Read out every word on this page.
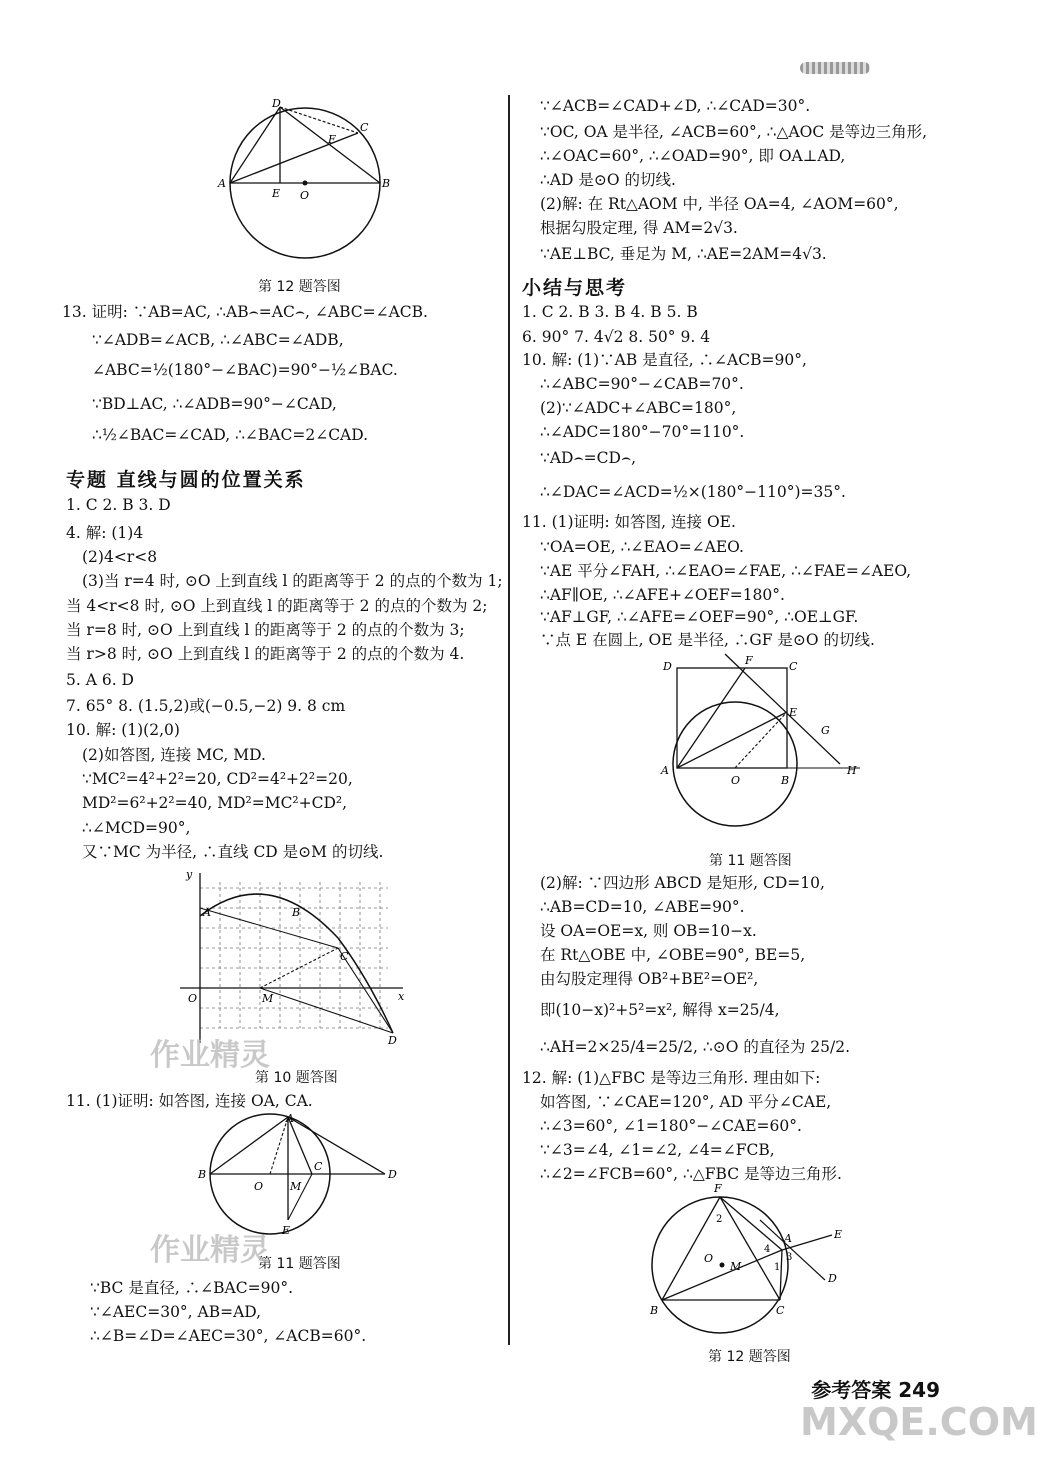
D
C
F
A	B
E O
第 12 题答图
13. 证明: ∵AB=AC, ∴AB⌢=AC⌢, ∠ABC=∠ACB.
∵∠ADB=∠ACB, ∴∠ABC=∠ADB,
∠ABC=½(180°−∠BAC)=90°−½∠BAC.
∵BD⊥AC, ∴∠ADB=90°−∠CAD,
∴½∠BAC=∠CAD, ∴∠BAC=2∠CAD.
专题 直线与圆的位置关系
1. C 2. B 3. D
4. 解: (1)4
(2)4<r<8
(3)当 r=4 时, ⊙O 上到直线 l 的距离等于 2 的点的个数为 1;
当 4<r<8 时, ⊙O 上到直线 l 的距离等于 2 的点的个数为 2;
当 r=8 时, ⊙O 上到直线 l 的距离等于 2 的点的个数为 3;
当 r>8 时, ⊙O 上到直线 l 的距离等于 2 的点的个数为 4.
5. A 6. D
7. 65° 8. (1.5,2)或(−0.5,−2) 9. 8 cm
10. 解: (1)(2,0)
(2)如答图, 连接 MC, MD.
∵MC²=4²+2²=20, CD²=4²+2²=20,
MD²=6²+2²=40, MD²=MC²+CD²,
∴∠MCD=90°,
又∵MC 为半径, ∴直线 CD 是⊙M 的切线.
y
x
A	B
C
O	M
D
第 10 题答图
11. (1)证明: 如答图, 连接 OA, CA.
B
A
C
D
O M
E
第 11 题答图
∵BC 是直径, ∴∠BAC=90°.
∵∠AEC=30°, AB=AD,
∴∠B=∠D=∠AEC=30°, ∠ACB=60°.
作业精灵
作业精灵
∵∠ACB=∠CAD+∠D, ∴∠CAD=30°.
∵OC, OA 是半径, ∠ACB=60°, ∴△AOC 是等边三角形,
∴∠OAC=60°, ∴∠OAD=90°, 即 OA⊥AD,
∴AD 是⊙O 的切线.
(2)解: 在 Rt△AOM 中, 半径 OA=4, ∠AOM=60°,
根据勾股定理, 得 AM=2√3.
∵AE⊥BC, 垂足为 M, ∴AE=2AM=4√3.
小结与思考
1. C 2. B 3. B 4. B 5. B
6. 90° 7. 4√2 8. 50° 9. 4
10. 解: (1)∵AB 是直径, ∴∠ACB=90°,
∴∠ABC=90°−∠CAB=70°.
(2)∵∠ADC+∠ABC=180°,
∴∠ADC=180°−70°=110°.
∵AD⌢=CD⌢,
∴∠DAC=∠ACD=½×(180°−110°)=35°.
11. (1)证明: 如答图, 连接 OE.
∵OA=OE, ∴∠EAO=∠AEO.
∵AE 平分∠FAH, ∴∠EAO=∠FAE, ∴∠FAE=∠AEO,
∴AF∥OE, ∴∠AFE+∠OEF=180°.
∵AF⊥GF, ∴∠AFE=∠OEF=90°, ∴OE⊥GF.
∵点 E 在圆上, OE 是半径, ∴GF 是⊙O 的切线.
D	F	C
E
G
A
O	B
H
第 11 题答图
(2)解: ∵四边形 ABCD 是矩形, CD=10,
∴AB=CD=10, ∠ABE=90°.
设 OA=OE=x, 则 OB=10−x.
在 Rt△OBE 中, ∠OBE=90°, BE=5,
由勾股定理得 OB²+BE²=OE²,
即(10−x)²+5²=x², 解得 x=25/4,
∴AH=2×25/4=25/2, ∴⊙O 的直径为 25/2.
12. 解: (1)△FBC 是等边三角形. 理由如下:
如答图, ∵∠CAE=120°, AD 平分∠CAE,
∴∠3=60°, ∠1=180°−∠CAE=60°.
∵∠3=∠4, ∠1=∠2, ∠4=∠FCB,
∴∠2=∠FCB=60°, ∴△FBC 是等边三角形.
F
2
O
M
4
A
1
3
E
D
B	C
第 12 题答图
参考答案 249
MXQE.COM
